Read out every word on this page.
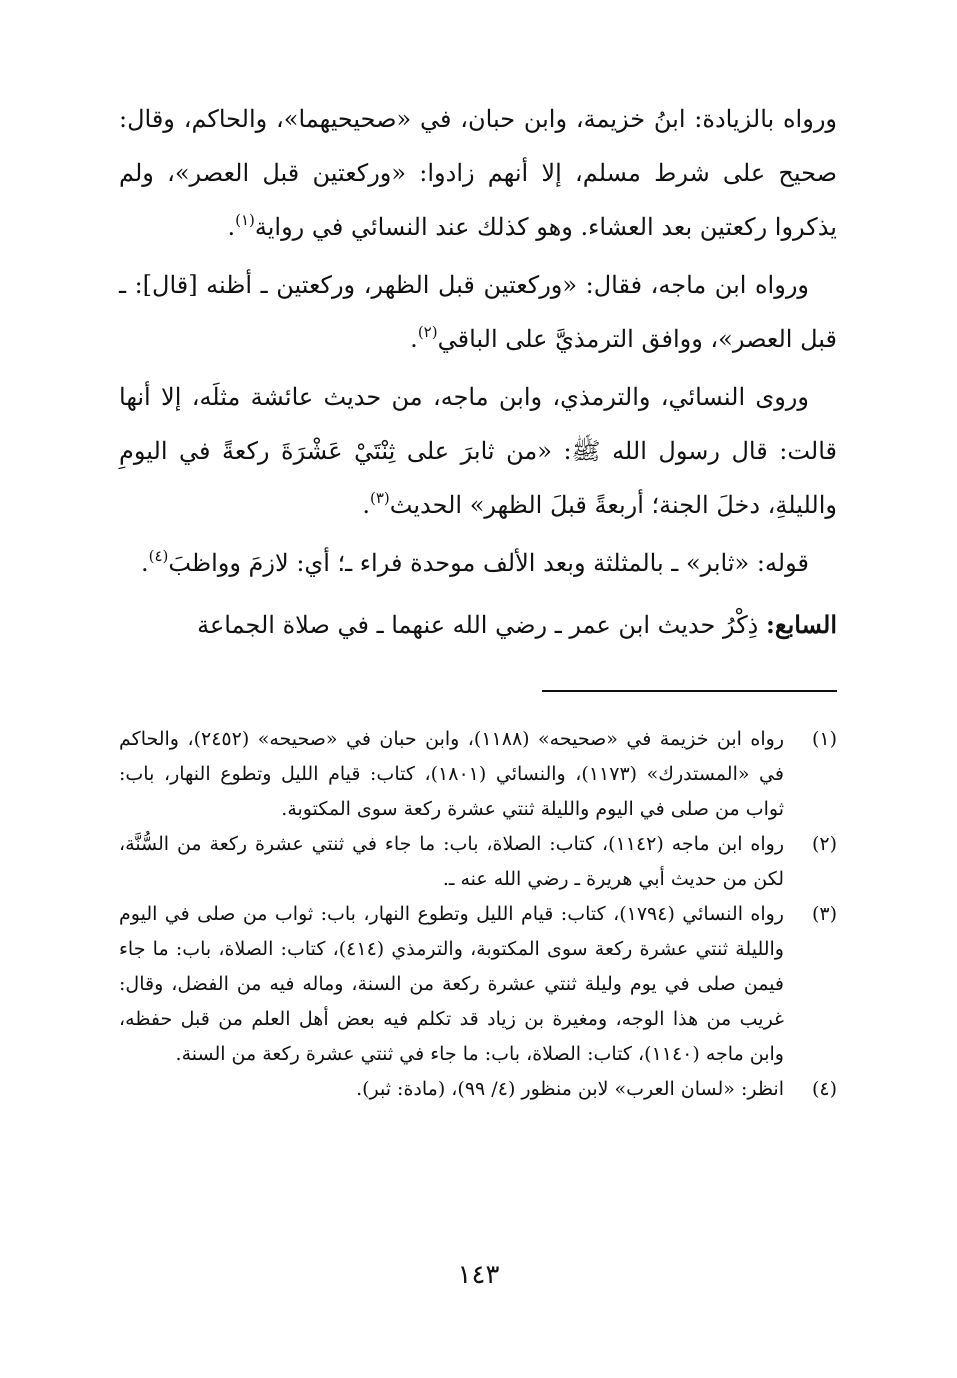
ورواه بالزيادة: ابنُ خزيمة، وابن حبان، في «صحيحيهما»، والحاكم، وقال: صحيح على شرط مسلم، إلا أنهم زادوا: «وركعتين قبل العصر»، ولم يذكروا ركعتين بعد العشاء. وهو كذلك عند النسائي في رواية$^{(١)}$.

ورواه ابن ماجه، فقال: «وركعتين قبل الظهر، وركعتين ـ أظنه [قال]: ـ قبل العصر»، ووافق الترمذيَّ على الباقي$^{(٢)}$.

وروى النسائي، والترمذي، وابن ماجه، من حديث عائشة مثلَه، إلا أنها قالت: قال رسول الله ﷺ: «من ثابرَ على ثِنْتَيْ عَشْرَةَ ركعةً في اليومِ والليلةِ، دخلَ الجنة؛ أربعةً قبلَ الظهر» الحديث$^{(٣)}$.

قوله: «ثابر» ـ بالمثلثة وبعد الألف موحدة فراء ـ؛ أي: لازمَ وواظبَ$^{(٤)}$.

السابع: ذِكْرُ حديث ابن عمر ـ رضي الله عنهما ـ في صلاة الجماعة

(١)
رواه ابن خزيمة في «صحيحه» (١١٨٨)، وابن حبان في «صحيحه» (٢٤٥٢)، والحاكم في «المستدرك» (١١٧٣)، والنسائي (١٨٠١)، كتاب: قيام الليل وتطوع النهار، باب: ثواب من صلى في اليوم والليلة ثنتي عشرة ركعة سوى المكتوبة.

(٢)
رواه ابن ماجه (١١٤٢)، كتاب: الصلاة، باب: ما جاء في ثنتي عشرة ركعة من السُّنَّة، لكن من حديث أبي هريرة ـ رضي الله عنه ـ.

(٣)
رواه النسائي (١٧٩٤)، كتاب: قيام الليل وتطوع النهار، باب: ثواب من صلى في اليوم والليلة ثنتي عشرة ركعة سوى المكتوبة، والترمذي (٤١٤)، كتاب: الصلاة، باب: ما جاء فيمن صلى في يوم وليلة ثنتي عشرة ركعة من السنة، وماله فيه من الفضل، وقال: غريب من هذا الوجه، ومغيرة بن زياد قد تكلم فيه بعض أهل العلم من قبل حفظه، وابن ماجه (١١٤٠)، كتاب: الصلاة، باب: ما جاء في ثنتي عشرة ركعة من السنة.

(٤)
انظر: «لسان العرب» لابن منظور (٤/ ٩٩)، (مادة: ثبر).

١٤٣
